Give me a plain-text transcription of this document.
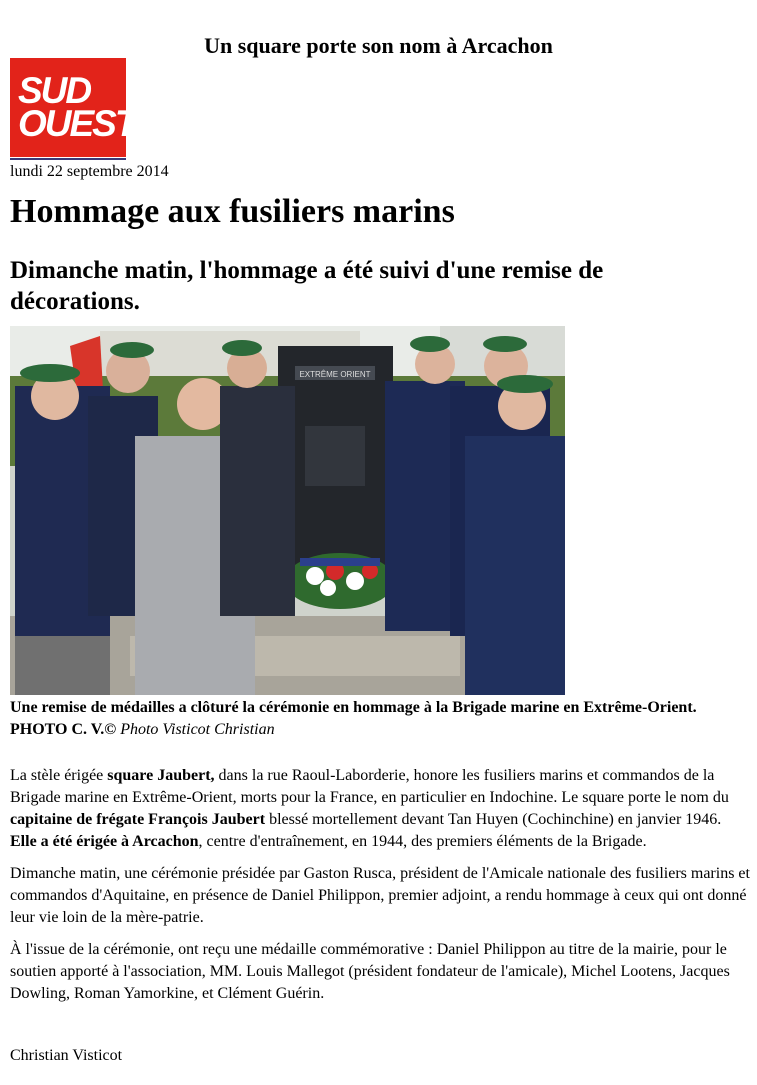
Un square porte son nom à Arcachon
SUD
OUEST
lundi 22 septembre 2014
Hommage aux fusiliers marins
Dimanche matin, l'hommage a été suivi d'une remise de décorations.
EXTRÊME ORIENT
Une remise de médailles a clôturé la cérémonie en hommage à la Brigade marine en Extrême-Orient. PHOTO C. V.© Photo Visticot Christian

La stèle érigée square Jaubert, dans la rue Raoul-Laborderie, honore les fusiliers marins et commandos de la Brigade marine en Extrême-Orient, morts pour la France, en particulier en Indochine. Le square porte le nom du capitaine de frégate François Jaubert blessé mortellement devant Tan Huyen (Cochinchine) en janvier 1946. Elle a été érigée à Arcachon, centre d'entraînement, en 1944, des premiers éléments de la Brigade.

Dimanche matin, une cérémonie présidée par Gaston Rusca, président de l'Amicale nationale des fusiliers marins et commandos d'Aquitaine, en présence de Daniel Philippon, premier adjoint, a rendu hommage à ceux qui ont donné leur vie loin de la mère-patrie.

À l'issue de la cérémonie, ont reçu une médaille commémorative : Daniel Philippon au titre de la mairie, pour le soutien apporté à l'association, MM. Louis Mallegot (président fondateur de l'amicale), Michel Lootens, Jacques Dowling, Roman Yamorkine, et Clément Guérin.

Christian Visticot
